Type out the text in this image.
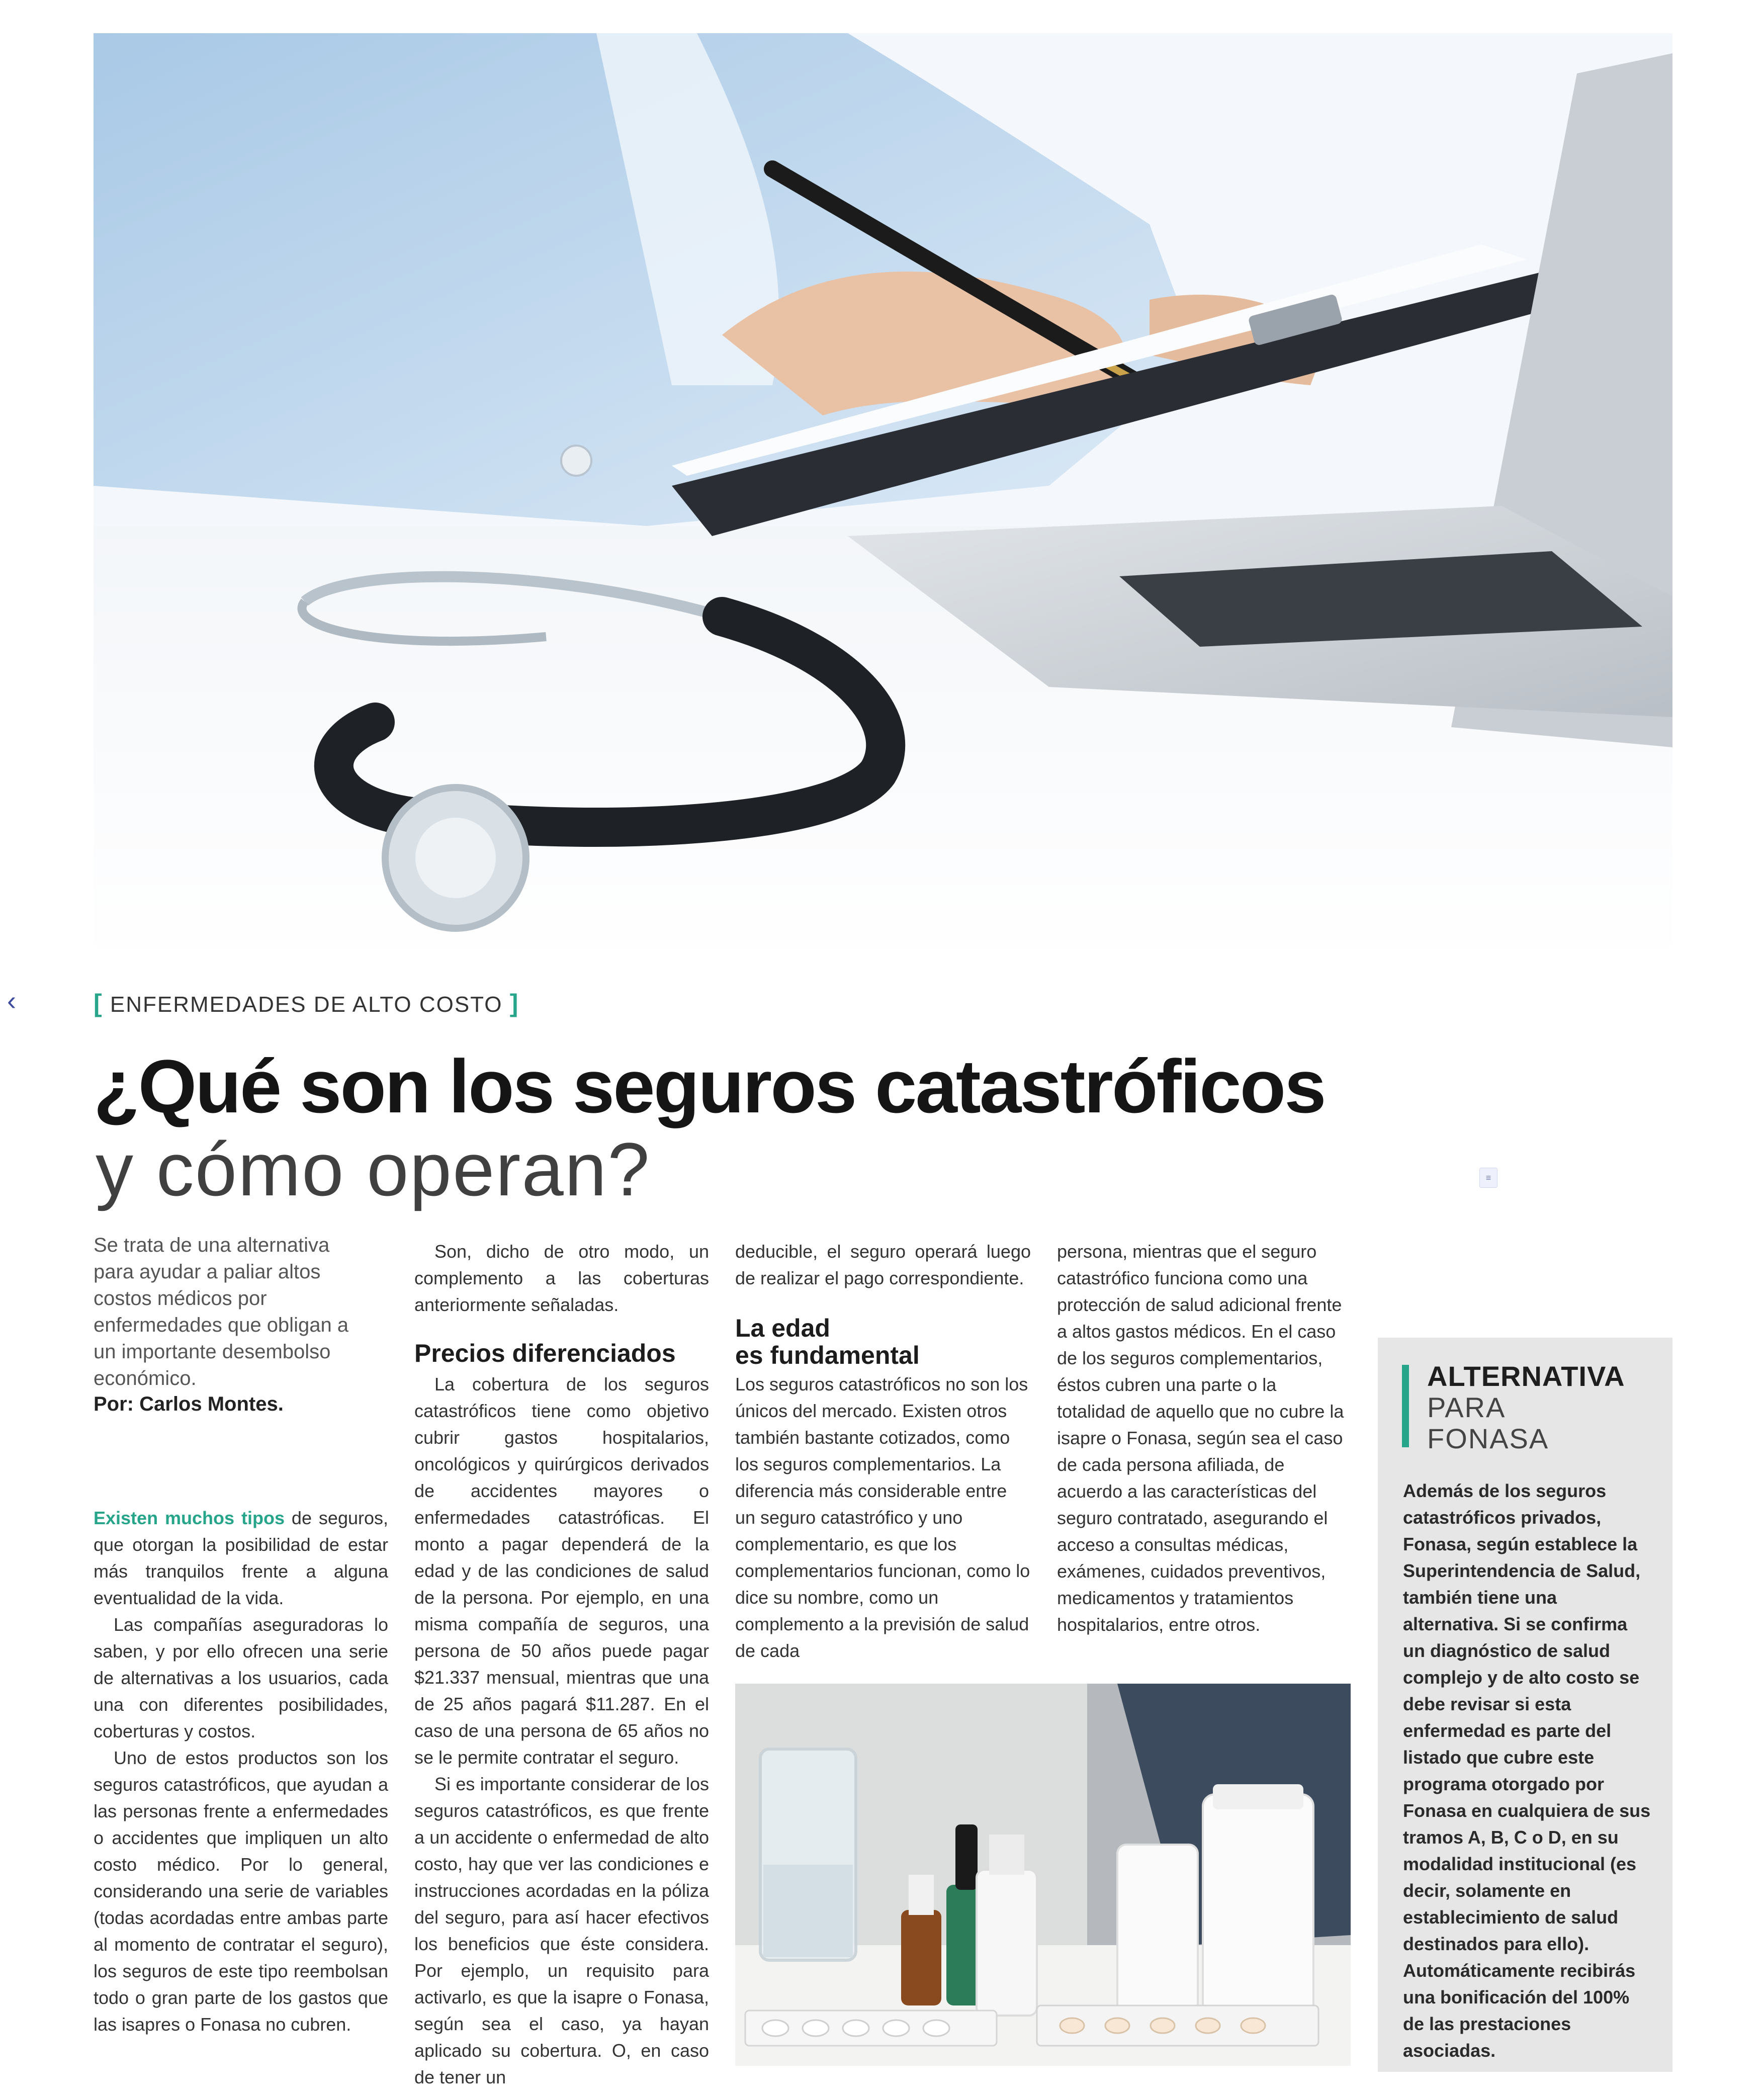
‹	[ ENFERMEDADES DE ALTO COSTO ]
¿Qué son los seguros catastróficos
y cómo operan?	≡
Se trata de una alternativa para ayudar a paliar altos costos médicos por enfermedades que obligan a un importante desembolso económico.
Por: Carlos Montes.

Existen muchos tipos de seguros, que otorgan la posibilidad de estar más tranquilos frente a alguna eventualidad de la vida.

Las compañías aseguradoras lo saben, y por ello ofrecen una serie de alternativas a los usuarios, cada una con diferentes posibilidades, coberturas y costos.

Uno de estos productos son los seguros catastróficos, que ayudan a las personas frente a enfermedades o accidentes que impliquen un alto costo médico. Por lo general, considerando una serie de variables (todas acordadas entre ambas parte al momento de contratar el seguro), los seguros de este tipo reembolsan todo o gran parte de los gastos que las isapres o Fonasa no cubren.

Son, dicho de otro modo, un complemento a las coberturas anteriormente señaladas.

Precios diferenciados

La cobertura de los seguros catastróficos tiene como objetivo cubrir gastos hospitalarios, oncológicos y quirúrgicos derivados de accidentes mayores o enfermedades catastróficas. El monto a pagar dependerá de la edad y de las condiciones de salud de la persona. Por ejemplo, en una misma compañía de seguros, una persona de 50 años puede pagar $21.337 mensual, mientras que una de 25 años pagará $11.287. En el caso de una persona de 65 años no se le permite contratar el seguro.

Si es importante considerar de los seguros catastróficos, es que frente a un accidente o enfermedad de alto costo, hay que ver las condiciones e instrucciones acordadas en la póliza del seguro, para así hacer efectivos los beneficios que éste considera. Por ejemplo, un requisito para activarlo, es que la isapre o Fonasa, según sea el caso, ya hayan aplicado su cobertura. O, en caso de tener un

deducible, el seguro operará luego de realizar el pago correspondiente.

La edad
es fundamental

Los seguros catastróficos no son los únicos del mercado. Existen otros también bastante cotizados, como los seguros complementarios. La diferencia más considerable entre un seguro catastrófico y uno complementario, es que los complementarios funcionan, como lo dice su nombre, como un complemento a la previsión de salud de cada

persona, mientras que el seguro catastrófico funciona como una protección de salud adicional frente a altos gastos médicos. En el caso de los seguros complementarios, éstos cubren una parte o la totalidad de aquello que no cubre la isapre o Fonasa, según sea el caso de cada persona afiliada, de acuerdo a las características del seguro contratado, asegurando el acceso a consultas médicas, exámenes, cuidados preventivos, medicamentos y tratamientos hospitalarios, entre otros.

ALTERNATIVA
PARA
FONASA
Además de los seguros catastróficos privados, Fonasa, según establece la Superintendencia de Salud, también tiene una alternativa. Si se confirma un diagnóstico de salud complejo y de alto costo se debe revisar si esta enfermedad es parte del listado que cubre este programa otorgado por Fonasa en cualquiera de sus tramos A, B, C o D, en su modalidad institucional (es decir, solamente en establecimiento de salud destinados para ello). Automáticamente recibirás una bonificación del 100% de las prestaciones asociadas.
